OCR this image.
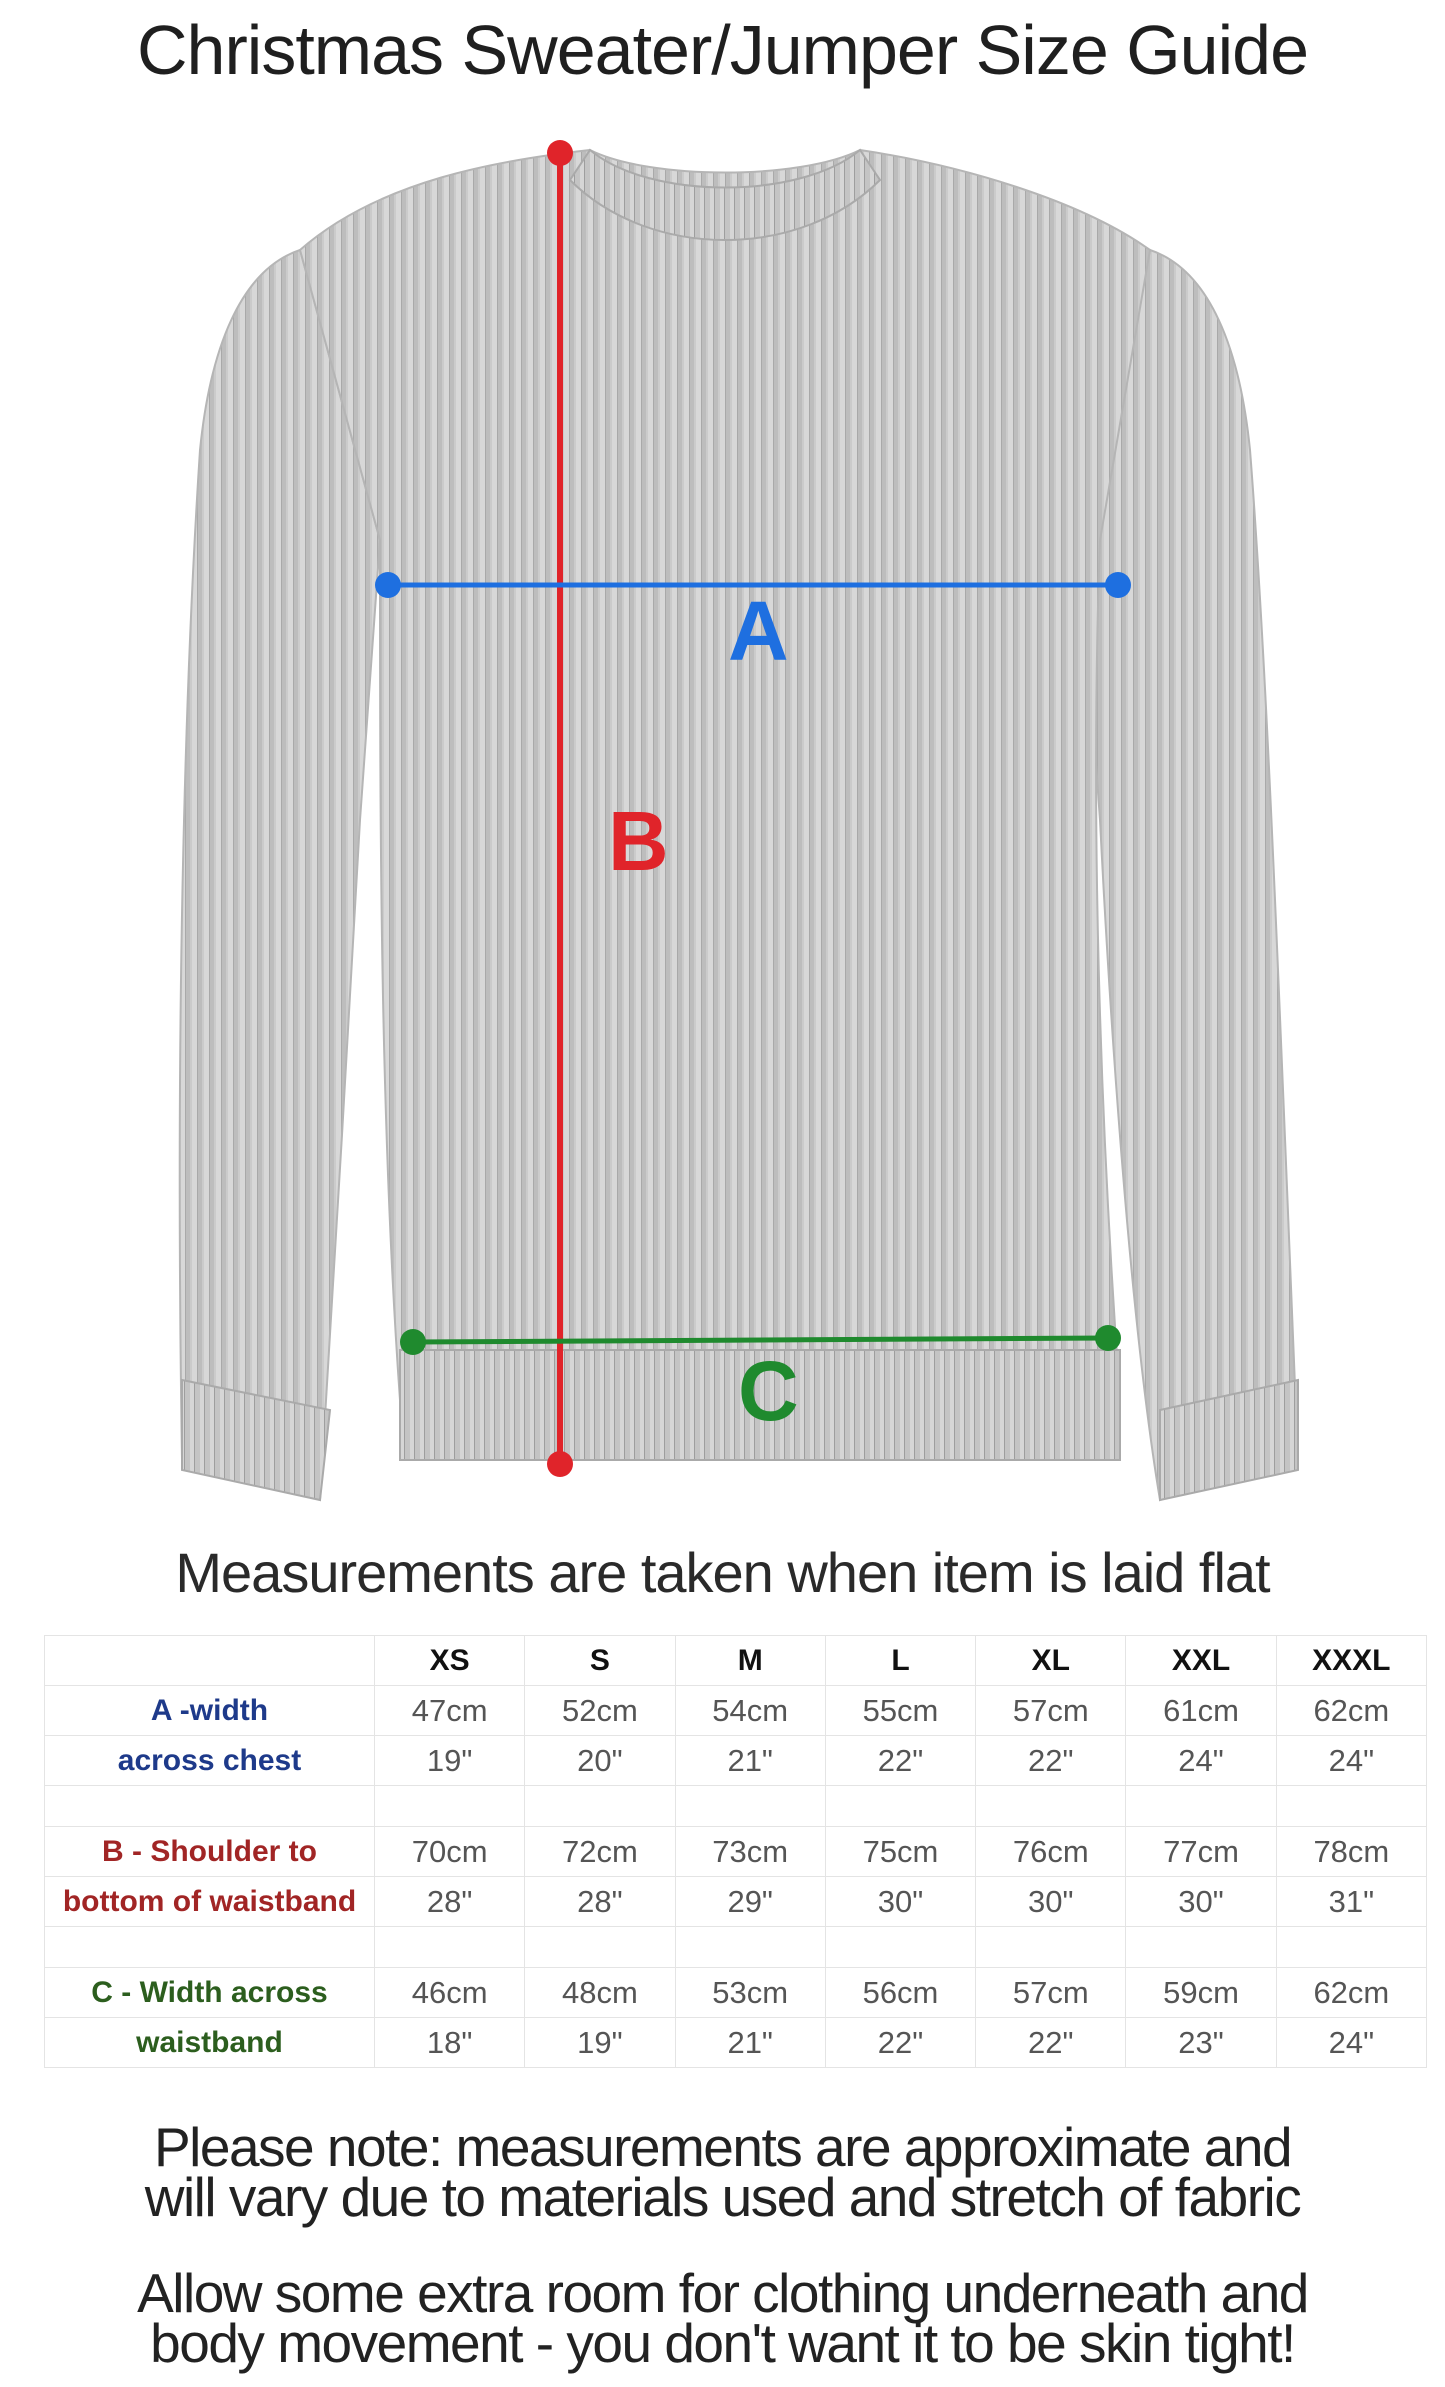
Christmas Sweater/Jumper Size Guide
B
A
C
Measurements are taken when item is laid flat
	XS	S	M	L	XL	XXL	XXXL
A -width	47cm	52cm	54cm	55cm	57cm	61cm	62cm
across chest	19"	20"	21"	22"	22"	24"	24"

B - Shoulder to	70cm	72cm	73cm	75cm	76cm	77cm	78cm
bottom of waistband	28"	28"	29"	30"	30"	30"	31"

C - Width across	46cm	48cm	53cm	56cm	57cm	59cm	62cm
waistband	18"	19"	21"	22"	22"	23"	24"
Please note: measurements are approximate and
will vary due to materials used and stretch of fabric
Allow some extra room for clothing underneath and
body movement - you don't want it to be skin tight!
